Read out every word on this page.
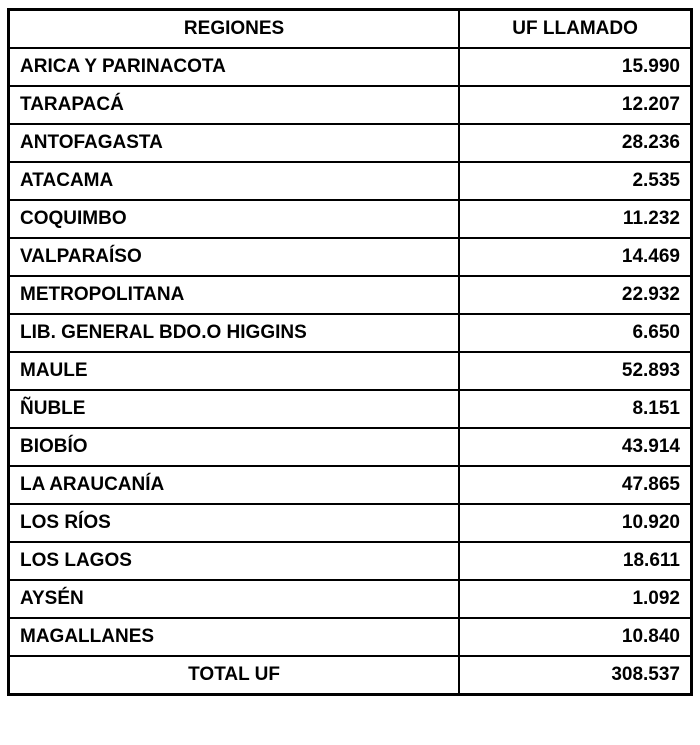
REGIONES	UF LLAMADO
ARICA Y PARINACOTA	15.990
TARAPACÁ	12.207
ANTOFAGASTA	28.236
ATACAMA	2.535
COQUIMBO	11.232
VALPARAÍSO	14.469
METROPOLITANA	22.932
LIB. GENERAL BDO.O HIGGINS	6.650
MAULE	52.893
ÑUBLE	8.151
BIOBÍO	43.914
LA ARAUCANÍA	47.865
LOS RÍOS	10.920
LOS LAGOS	18.611
AYSÉN	1.092
MAGALLANES	10.840
TOTAL UF	308.537
